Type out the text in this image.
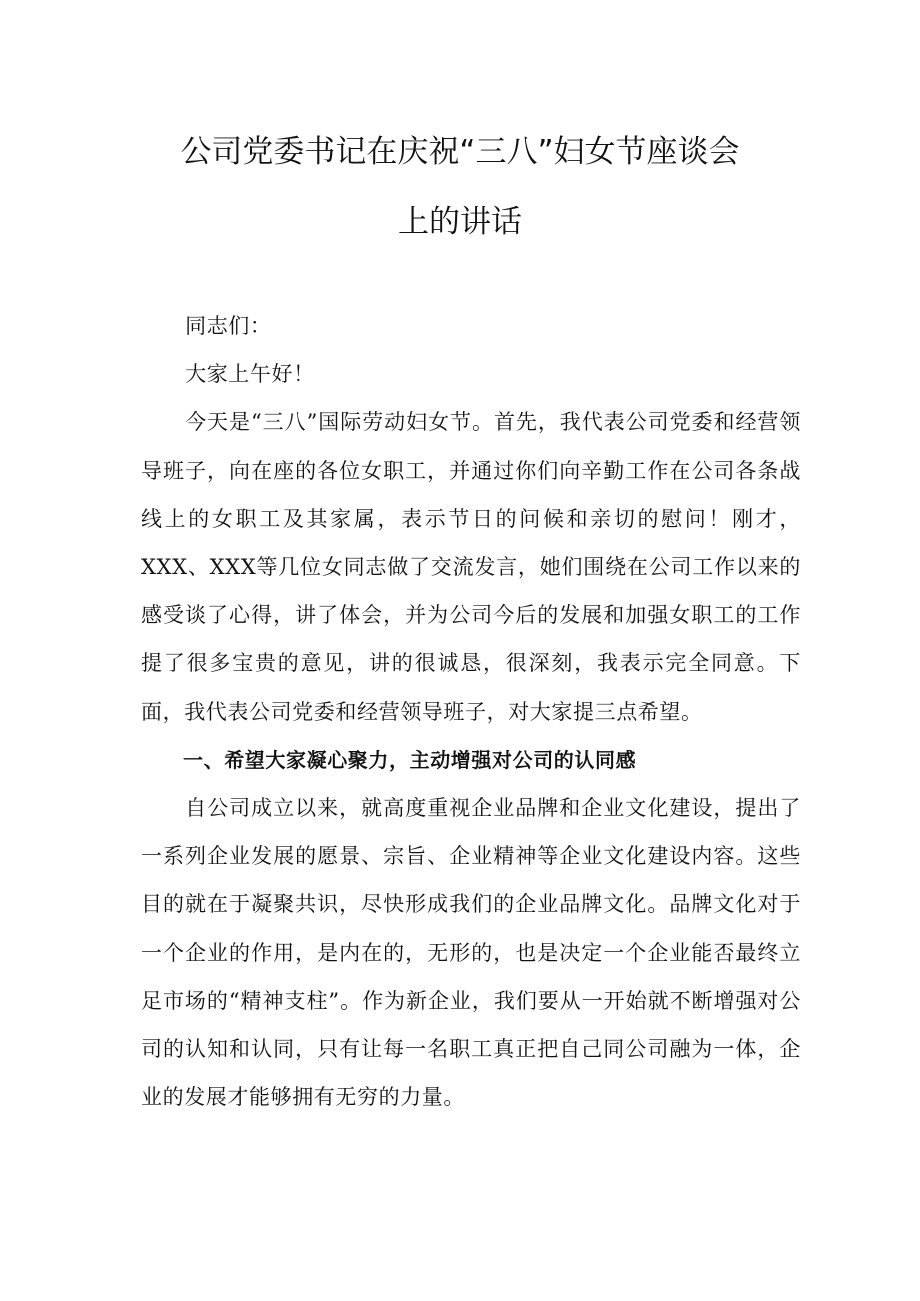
公司党委书记在庆祝“三八”妇女节座谈会
上的讲话

同志们：

大家上午好！

今天是“三八”国际劳动妇女节。首先，我代表公司党委和经营领导班子，向在座的各位女职工，并通过你们向辛勤工作在公司各条战线上的女职工及其家属，表示节日的问候和亲切的慰问！刚才，XXX、XXX等几位女同志做了交流发言，她们围绕在公司工作以来的感受谈了心得，讲了体会，并为公司今后的发展和加强女职工的工作提了很多宝贵的意见，讲的很诚恳，很深刻，我表示完全同意。下面，我代表公司党委和经营领导班子，对大家提三点希望。

一、希望大家凝心聚力，主动增强对公司的认同感

自公司成立以来，就高度重视企业品牌和企业文化建设，提出了一系列企业发展的愿景、宗旨、企业精神等企业文化建设内容。这些目的就在于凝聚共识，尽快形成我们的企业品牌文化。品牌文化对于一个企业的作用，是内在的，无形的，也是决定一个企业能否最终立足市场的“精神支柱”。作为新企业，我们要从一开始就不断增强对公司的认知和认同，只有让每一名职工真正把自己同公司融为一体，企业的发展才能够拥有无穷的力量。
